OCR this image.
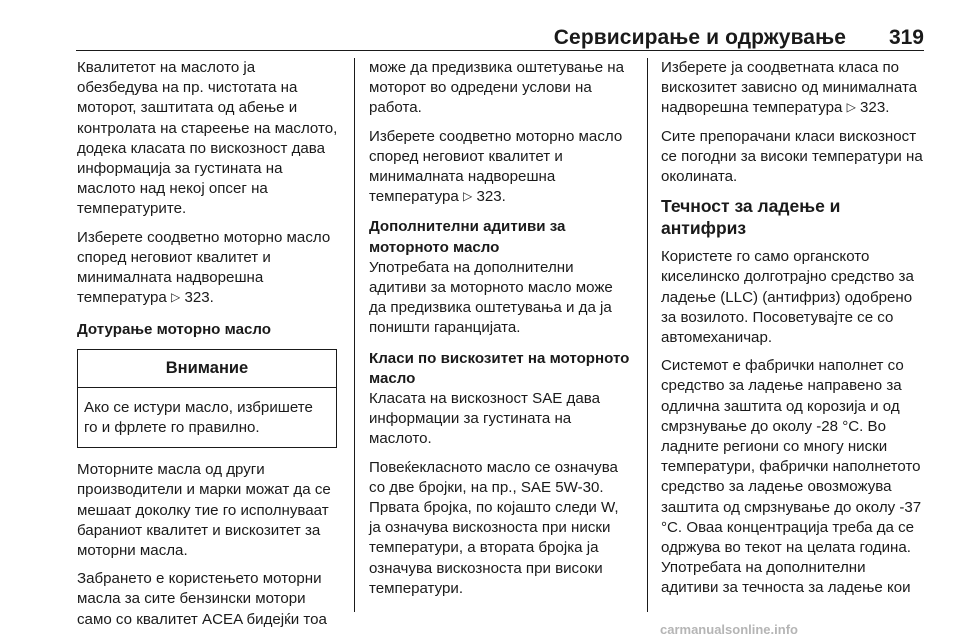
Сервисирање и одржување 319

Квалитетот на маслото ја обезбедува на пр. чистотата на моторот, заштитата од абење и контролата на стареење на маслото, додека класата по вискозност дава информација за густината на маслото над некој опсег на температурите.

Изберете соодветно моторно масло според неговиот квалитет и минималната надворешна температура ▷ 323.

Дотурање моторно масло
Внимание
Ако се истури масло, избришете го и фрлете го правилно.

Моторните масла од други производители и марки можат да се мешаат доколку тие го исполнуваат бараниот квалитет и вискозитет за моторни масла.

Забранeто е користењето моторни масла за сите бензински мотори само со квалитет ACEA бидејќи тоа

може да предизвика оштетување на моторот во одредени услови на работа.

Изберете соодветно моторно масло според неговиот квалитет и минималната надворешна температура ▷ 323.

Дополнителни адитиви за моторното масло

Употребата на дополнителни адитиви за моторното масло може да предизвика оштетувања и да ја поништи гаранцијата.

Класи по вискозитет на моторното масло

Класата на вискозност SAE дава информации за густината на маслото.

Повеќекласното масло се означува со две бројки, на пр., SAE 5W-30. Првата бројка, по којашто следи W, ја означува вискозноста при ниски температури, а втората бројка ја означува вискозноста при високи температури.

Изберете ја соодветната класа по вискозитет зависно од минималната надворешна температура ▷ 323.

Сите препорачани класи вискозност се погодни за високи температури на околината.

Течност за ладење и антифриз

Користете го само органското киселинско долготрајно средство за ладење (LLC) (антифриз) одобрено за возилото. Посоветувајте се со автомеханичар.

Системот е фабрички наполнет со средство за ладење направено за одлична заштита од корозија и од смрзнување до околу -28 °C. Во ладните региони со многу ниски температури, фабрички наполнетото средство за ладење овозможува заштита од смрзнување до околу -37 °C. Оваа концентрација треба да се одржува во текот на целата година. Употребата на дополнителни адитиви за течноста за ладење кои

carmanualsonline.info
